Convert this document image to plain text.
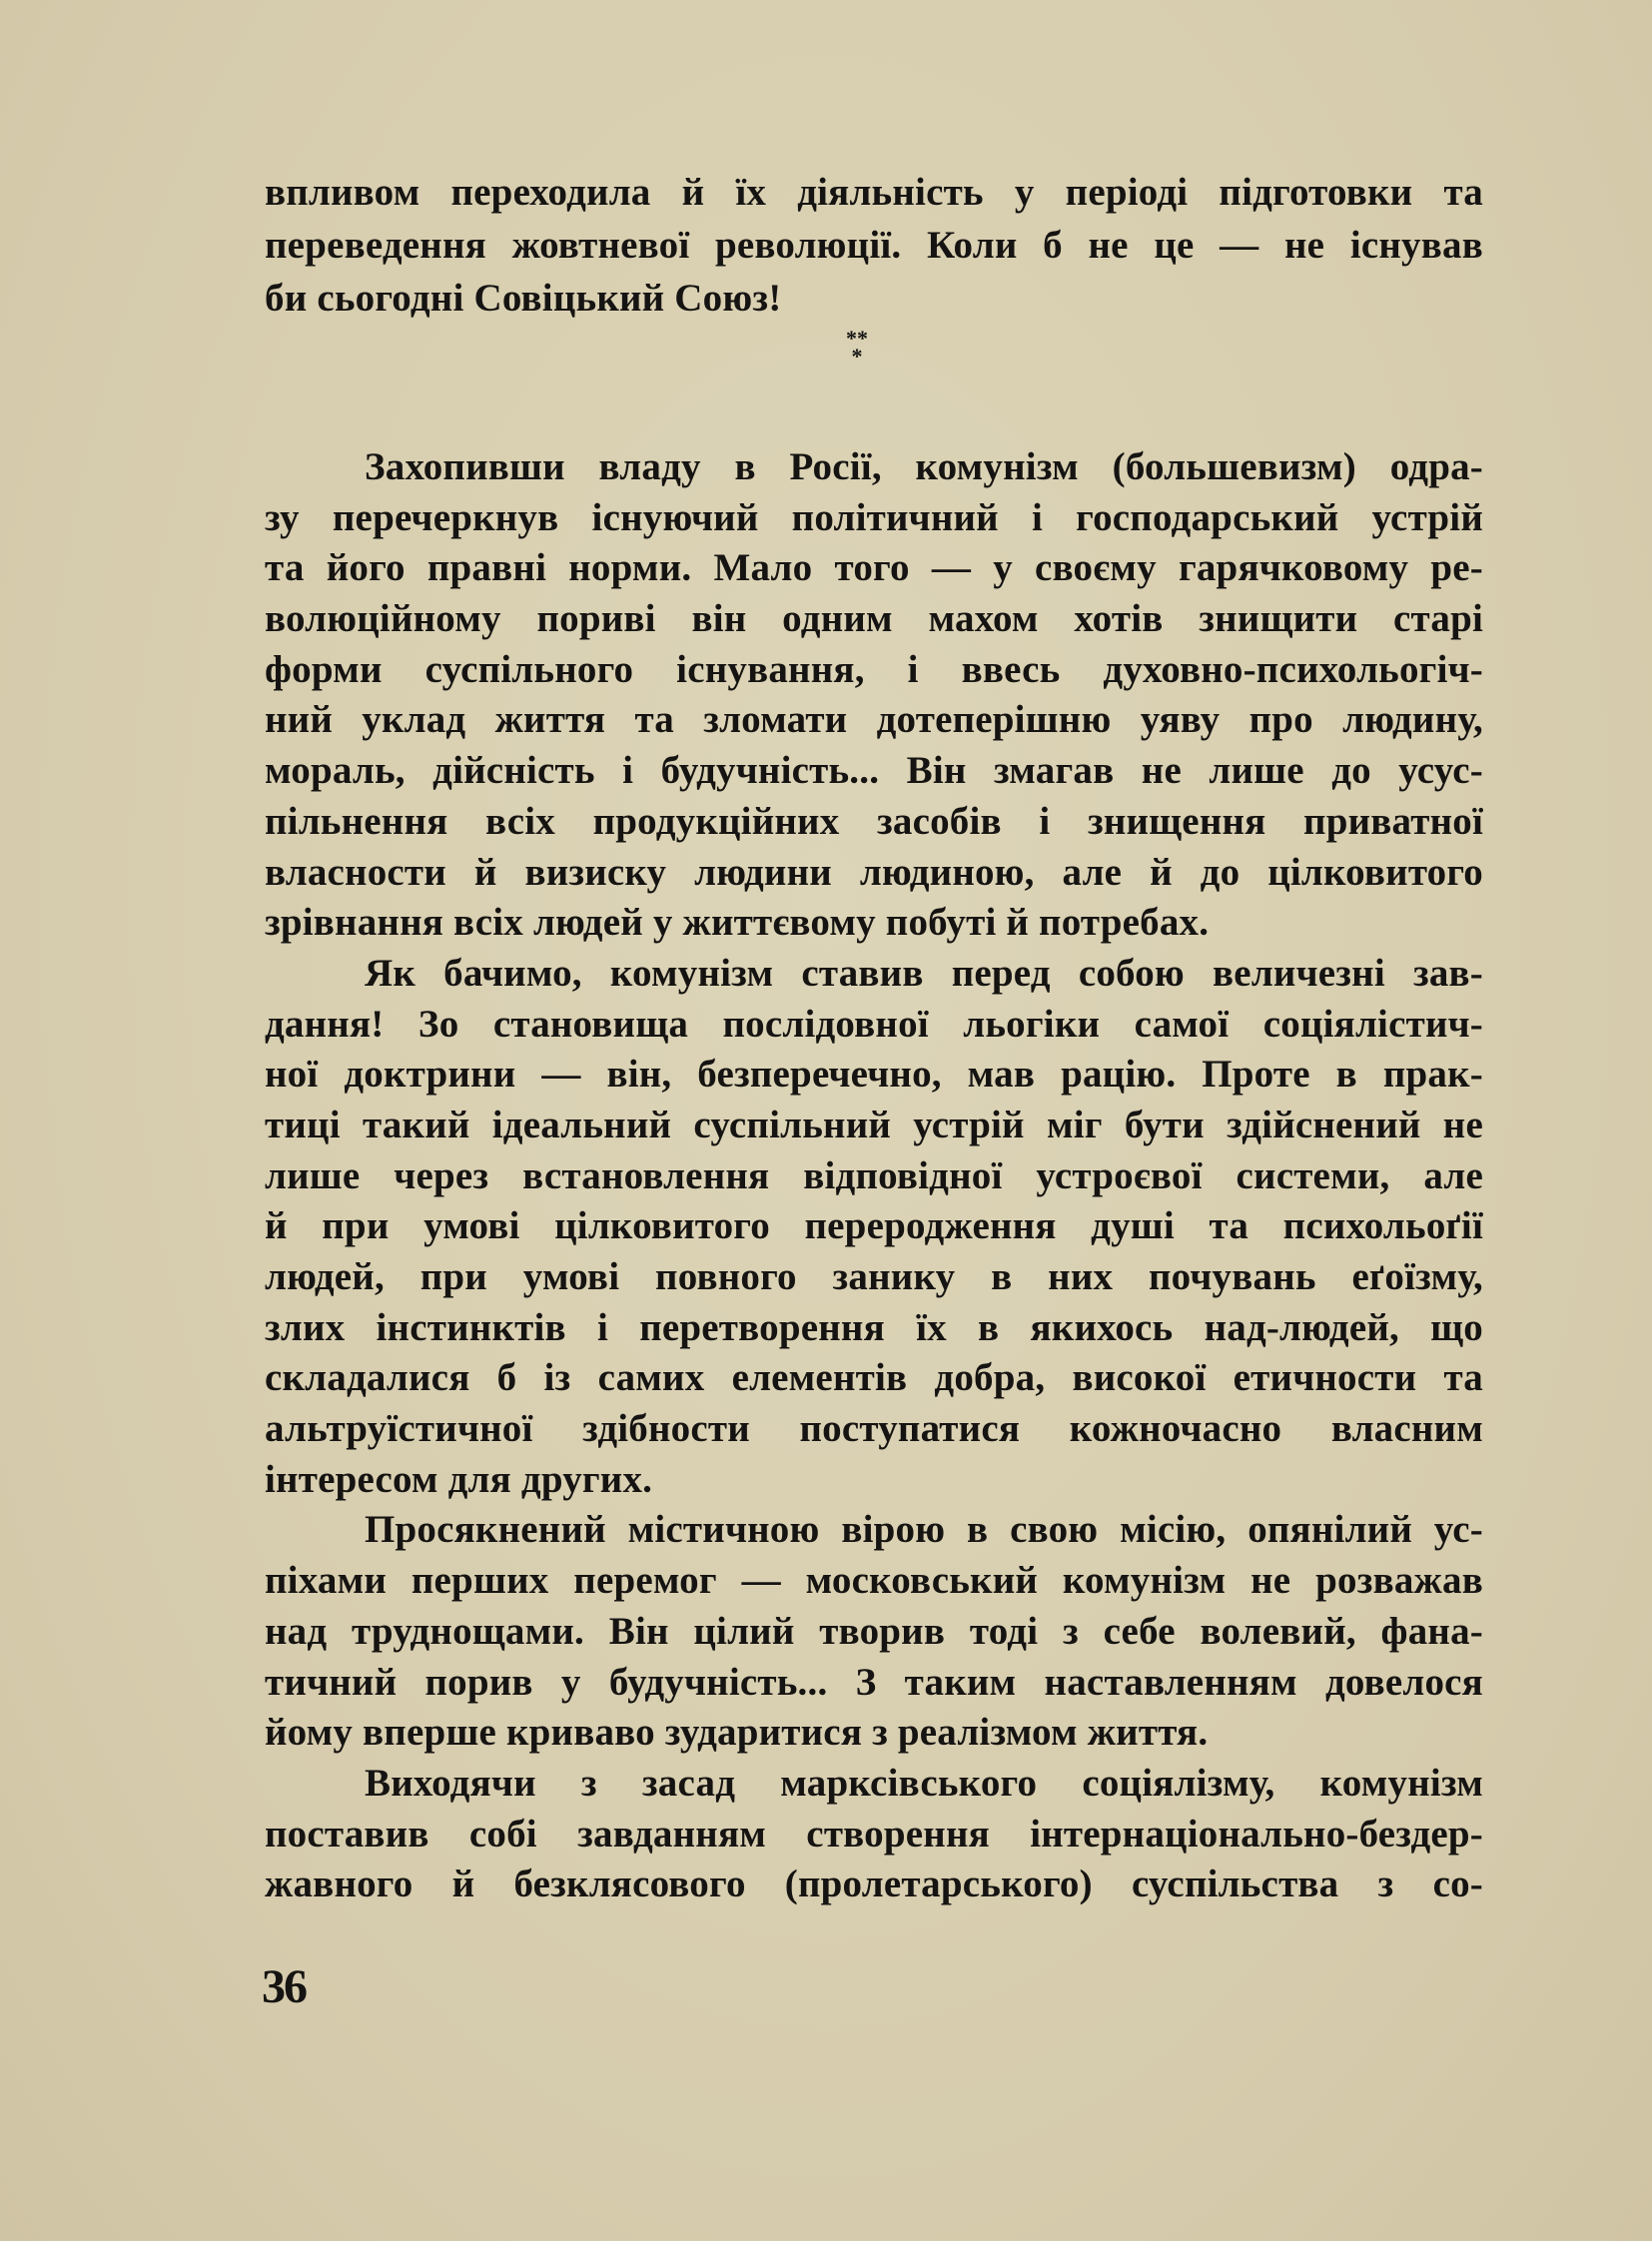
впливом переходила й їх діяльність у періоді підготовки та
переведення жовтневої революції. Коли б не це — не існував
би сьогодні Совіцький Союз!
**
*
Захопивши владу в Росії, комунізм (большевизм) одра-
зу перечеркнув існуючий політичний і господарський устрій
та його правні норми. Мало того — у своєму гарячковому ре-
волюційному пориві він одним махом хотів знищити старі
форми суспільного існування, і ввесь духовно-психольогіч-
ний уклад життя та зломати дотеперішню уяву про людину,
мораль, дійсність і будучність... Він змагав не лише до усус-
пільнення всіх продукційних засобів і знищення приватної
власности й визиску людини людиною, але й до цілковитого
зрівнання всіх людей у життєвому побуті й потребах.
Як бачимо, комунізм ставив перед собою величезні зав-
дання! Зо становища послідовної льогіки самої соціялістич-
ної доктрини — він, безперечечно, мав рацію. Проте в прак-
тиці такий ідеальний суспільний устрій міг бути здійснений не
лише через встановлення відповідної устроєвої системи, але
й при умові цілковитого переродження душі та психольоґії
людей, при умові повного занику в них почувань еґоїзму,
злих інстинктів і перетворення їх в якихось над-людей, що
складалися б із самих елементів добра, високої етичности та
альтруїстичної здібности поступатися кожночасно власним
інтересом для других.
Просякнений містичною вірою в свою місію, опянілий ус-
піхами перших перемог — московський комунізм не розважав
над труднощами. Він цілий творив тоді з себе волевий, фана-
тичний порив у будучність... З таким наставленням довелося
йому вперше криваво зударитися з реалізмом життя.
Виходячи з засад марксівського соціялізму, комунізм
поставив собі завданням створення інтернаціонально-бездер-
жавного й безклясового (пролетарського) суспільства з со-
36
